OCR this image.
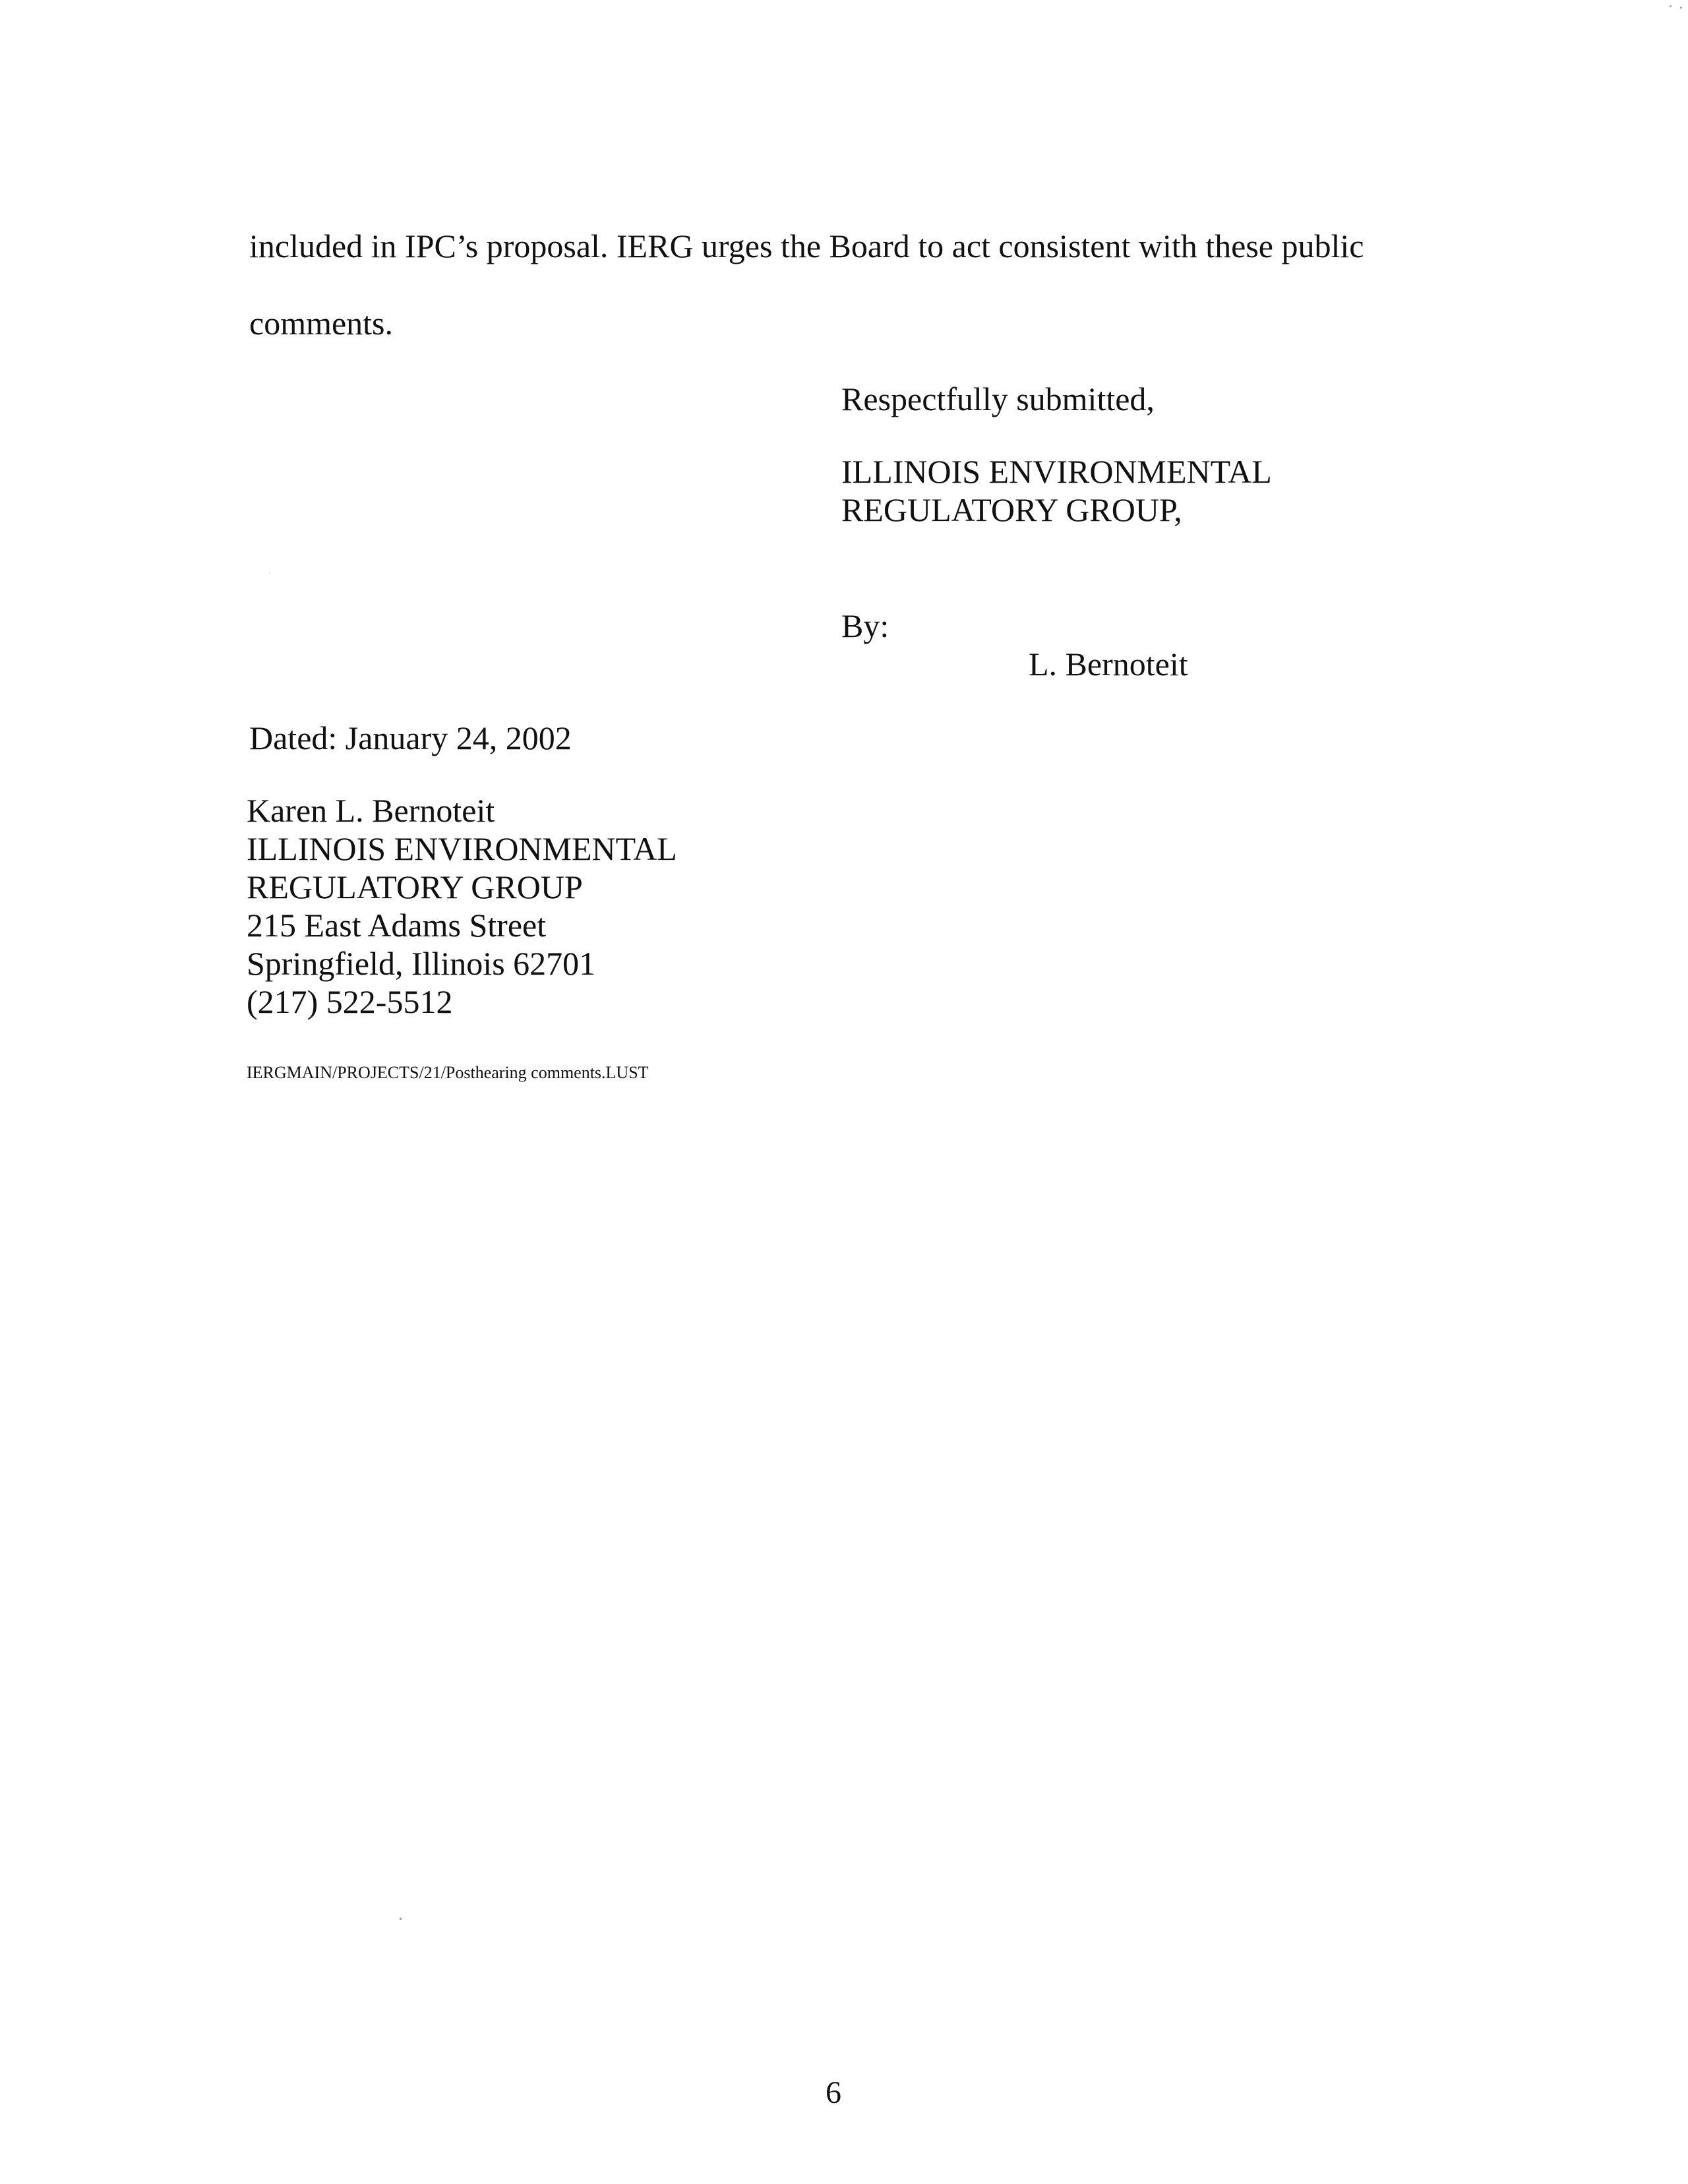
included in IPC’s proposal. IERG urges the Board to act consistent with these public
comments.
Respectfully submitted,
ILLINOIS ENVIRONMENTAL
REGULATORY GROUP,
By:
L. Bernoteit
Dated: January 24, 2002
Karen L. Bernoteit
ILLINOIS ENVIRONMENTAL
REGULATORY GROUP
215 East Adams Street
Springfield, Illinois 62701
(217) 522-5512
IERGMAIN/PROJECTS/21/Posthearing comments.LUST
6
